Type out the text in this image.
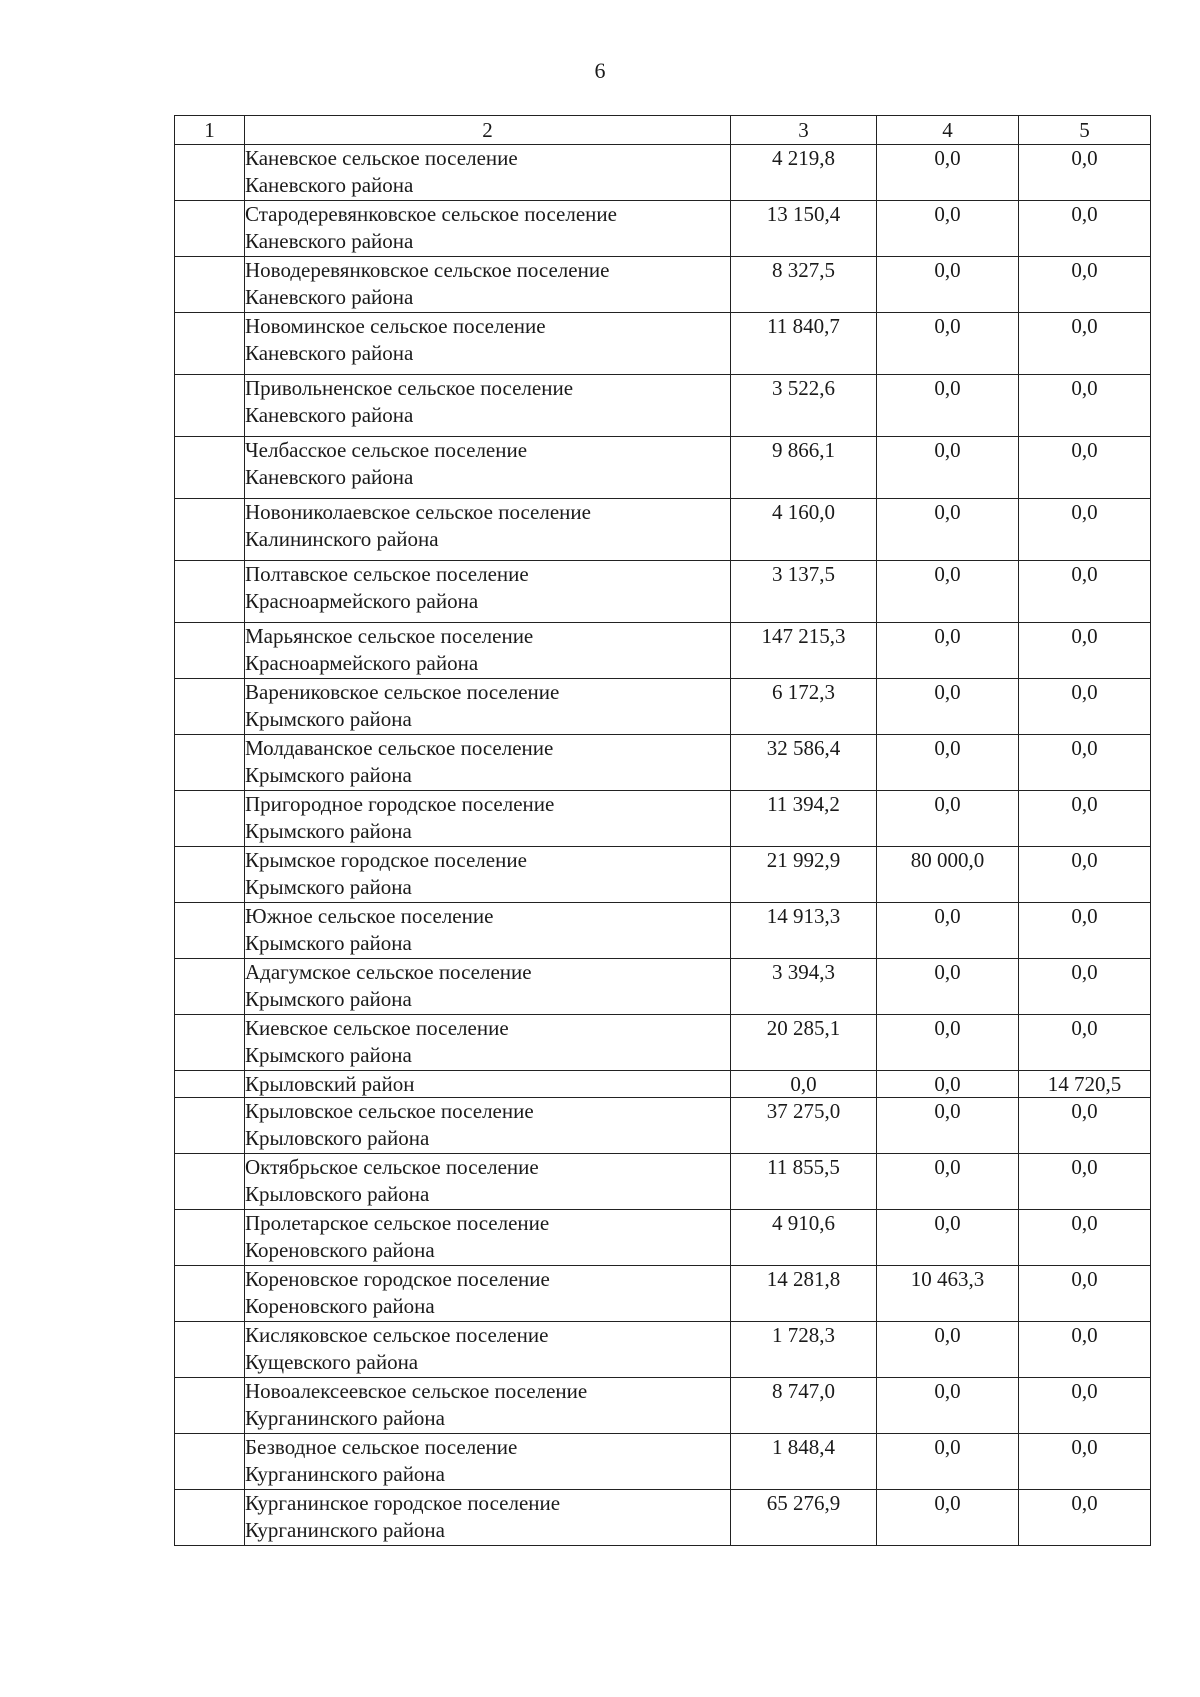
6
1	2	3	4	5

	Каневское сельское поселение
Каневского района	4 219,8	0,0	0,0

	Стародеревянковское сельское поселение
Каневского района	13 150,4	0,0	0,0

	Новодеревянковское сельское поселение
Каневского района	8 327,5	0,0	0,0

	Новоминское сельское поселение
Каневского района	11 840,7	0,0	0,0

	Привольненское сельское поселение
Каневского района	3 522,6	0,0	0,0

	Челбасское сельское поселение
Каневского района	9 866,1	0,0	0,0

	Новониколаевское сельское поселение
Калининского района	4 160,0	0,0	0,0

	Полтавское сельское поселение
Красноармейского района	3 137,5	0,0	0,0

	Марьянское сельское поселение
Красноармейского района	147 215,3	0,0	0,0

	Варениковское сельское поселение
Крымского района	6 172,3	0,0	0,0

	Молдаванское сельское поселение
Крымского района	32 586,4	0,0	0,0

	Пригородное городское поселение
Крымского района	11 394,2	0,0	0,0

	Крымское городское поселение
Крымского района	21 992,9	80 000,0	0,0

	Южное сельское поселение
Крымского района	14 913,3	0,0	0,0

	Адагумское сельское поселение
Крымского района	3 394,3	0,0	0,0

	Киевское сельское поселение
Крымского района	20 285,1	0,0	0,0

	Крыловский район	0,0	0,0	14 720,5

	Крыловское сельское поселение
Крыловского района	37 275,0	0,0	0,0

	Октябрьское сельское поселение
Крыловского района	11 855,5	0,0	0,0

	Пролетарское сельское поселение
Кореновского района	4 910,6	0,0	0,0

	Кореновское городское поселение
Кореновского района	14 281,8	10 463,3	0,0

	Кисляковское сельское поселение
Кущевского района	1 728,3	0,0	0,0

	Новоалексеевское сельское поселение
Курганинского района	8 747,0	0,0	0,0

	Безводное сельское поселение
Курганинского района	1 848,4	0,0	0,0

	Курганинское городское поселение
Курганинского района	65 276,9	0,0	0,0
